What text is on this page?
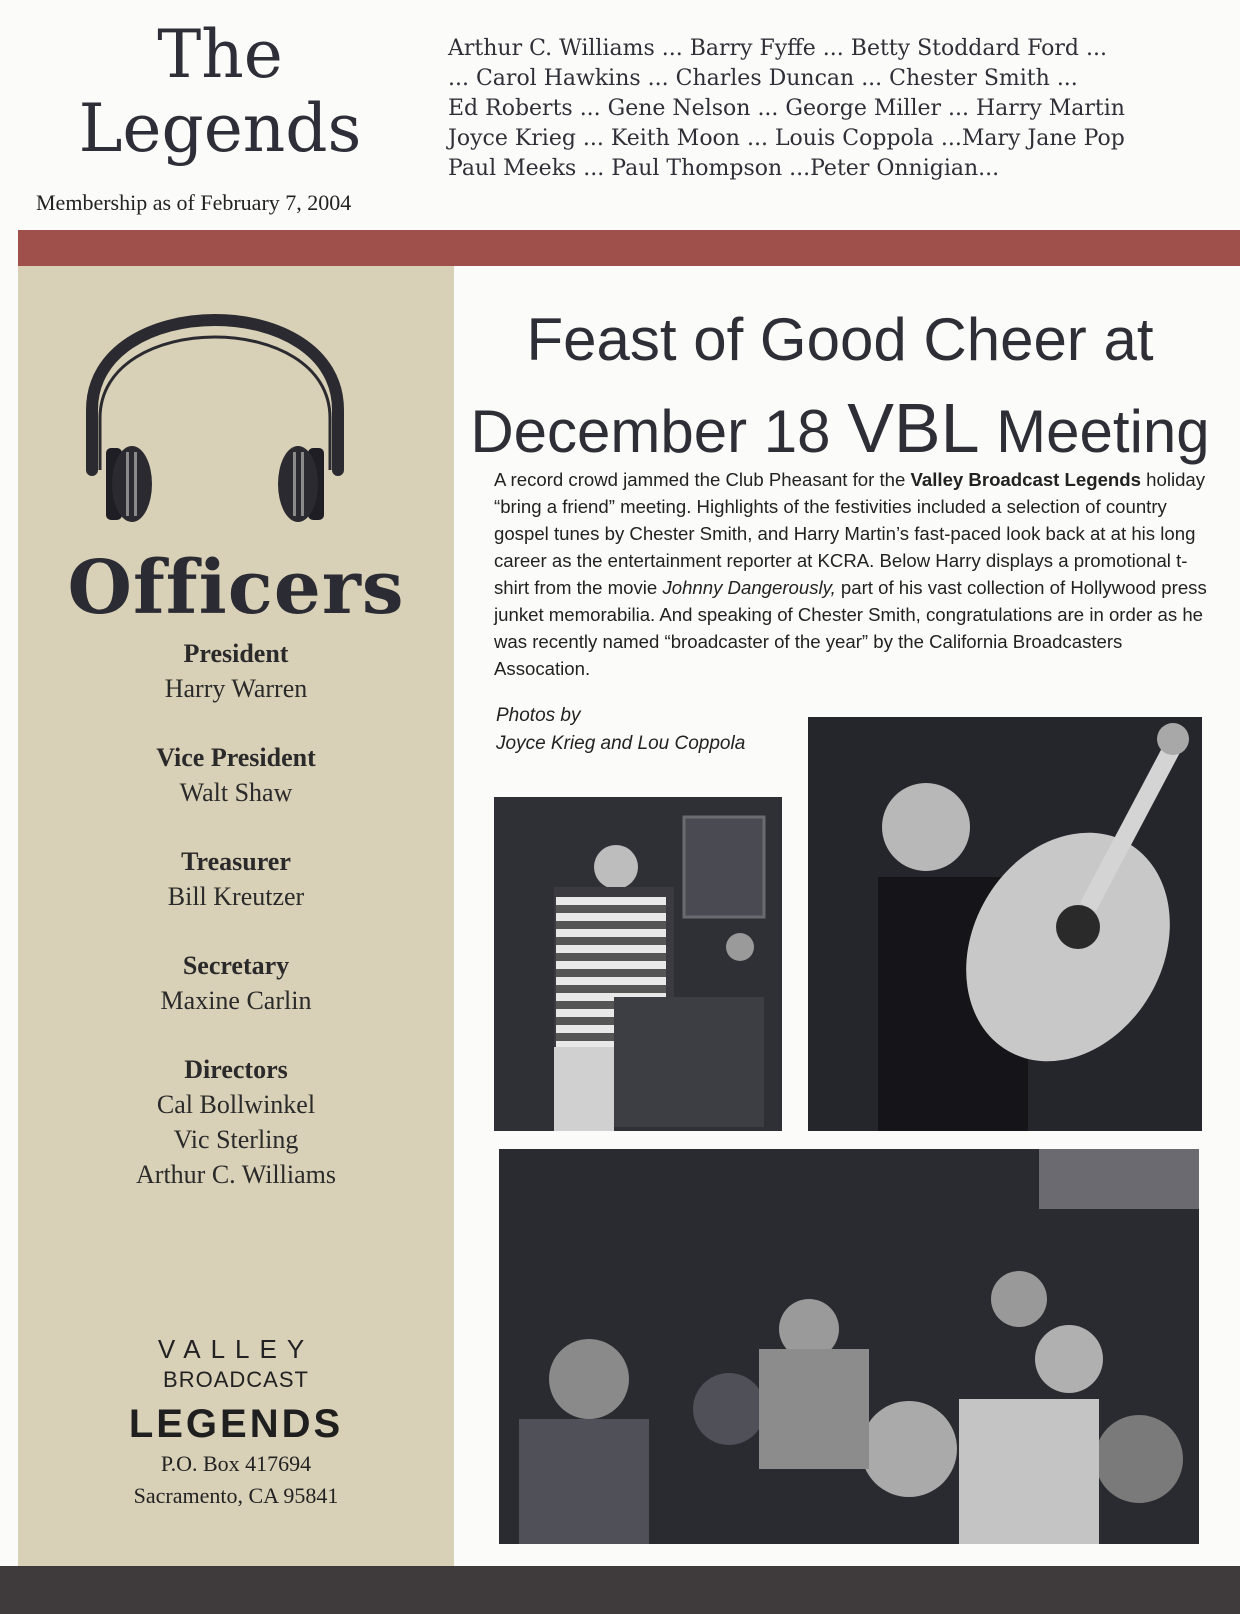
The
Legends
Membership as of February 7, 2004
Arthur C. Williams ... Barry Fyffe ... Betty Stoddard Ford ...
... Carol Hawkins ... Charles Duncan ... Chester Smith ...
Ed Roberts ... Gene Nelson ... George Miller ... Harry Martin
Joyce Krieg ... Keith Moon ... Louis Coppola ...Mary Jane Pop
Paul Meeks ... Paul Thompson ...Peter Onnigian...
Officers
President
Harry Warren
Vice President
Walt Shaw
Treasurer
Bill Kreutzer
Secretary
Maxine Carlin
Directors
Cal Bollwinkel
Vic Sterling
Arthur C. Williams
VALLEY
BROADCAST
LEGENDS
P.O. Box 417694
Sacramento, CA 95841
Feast of Good Cheer at
December 18 VBL Meeting
A record crowd jammed the Club Pheasant for the Valley Broadcast Legends holiday “bring a friend” meeting. Highlights of the festivities included a selection of country gospel tunes by Chester Smith, and Harry Martin’s fast-paced look back at at his long career as the entertainment reporter at KCRA. Below Harry displays a promotional t-shirt from the movie Johnny Dangerously, part of his vast collection of Hollywood press junket memorabilia. And speaking of Chester Smith, congratulations are in order as he was recently named “broadcaster of the year” by the California Broadcasters Assocation.
Photos by
Joyce Krieg and Lou Coppola
